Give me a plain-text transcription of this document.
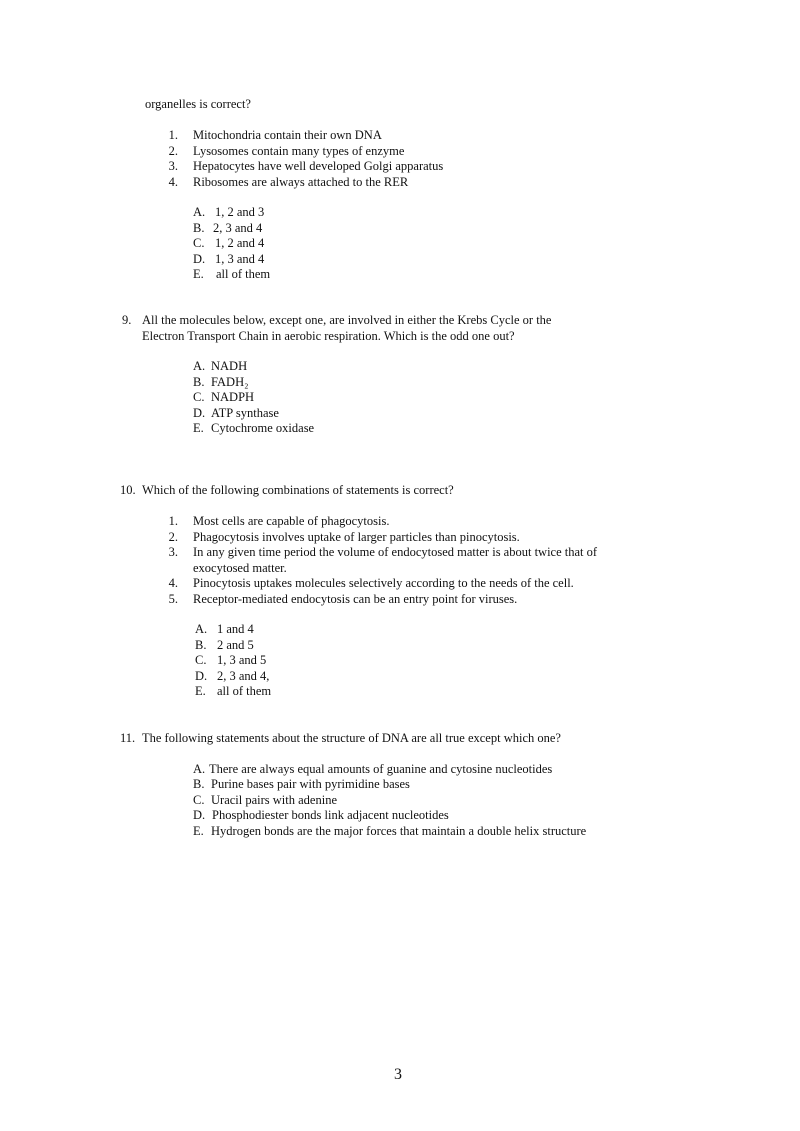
organelles is correct?
1. Mitochondria contain their own DNA
2. Lysosomes contain many types of enzyme
3. Hepatocytes have well developed Golgi apparatus
4. Ribosomes are always attached to the RER
A. 1, 2 and 3
B. 2, 3 and 4
C. 1, 2 and 4
D. 1, 3 and 4
E. all of them
9. All the molecules below, except one, are involved in either the Krebs Cycle or the
Electron Transport Chain in aerobic respiration. Which is the odd one out?
A. NADH
B. FADH₂
C. NADPH
D. ATP synthase
E. Cytochrome oxidase
10. Which of the following combinations of statements is correct?
1. Most cells are capable of phagocytosis.
2. Phagocytosis involves uptake of larger particles than pinocytosis.
3. In any given time period the volume of endocytosed matter is about twice that of
exocytosed matter.
4. Pinocytosis uptakes molecules selectively according to the needs of the cell.
5. Receptor-mediated endocytosis can be an entry point for viruses.
A. 1 and 4
B. 2 and 5
C. 1, 3 and 5
D. 2, 3 and 4,
E. all of them
11. The following statements about the structure of DNA are all true except which one?
A. There are always equal amounts of guanine and cytosine nucleotides
B. Purine bases pair with pyrimidine bases
C. Uracil pairs with adenine
D. Phosphodiester bonds link adjacent nucleotides
E. Hydrogen bonds are the major forces that maintain a double helix structure
3
